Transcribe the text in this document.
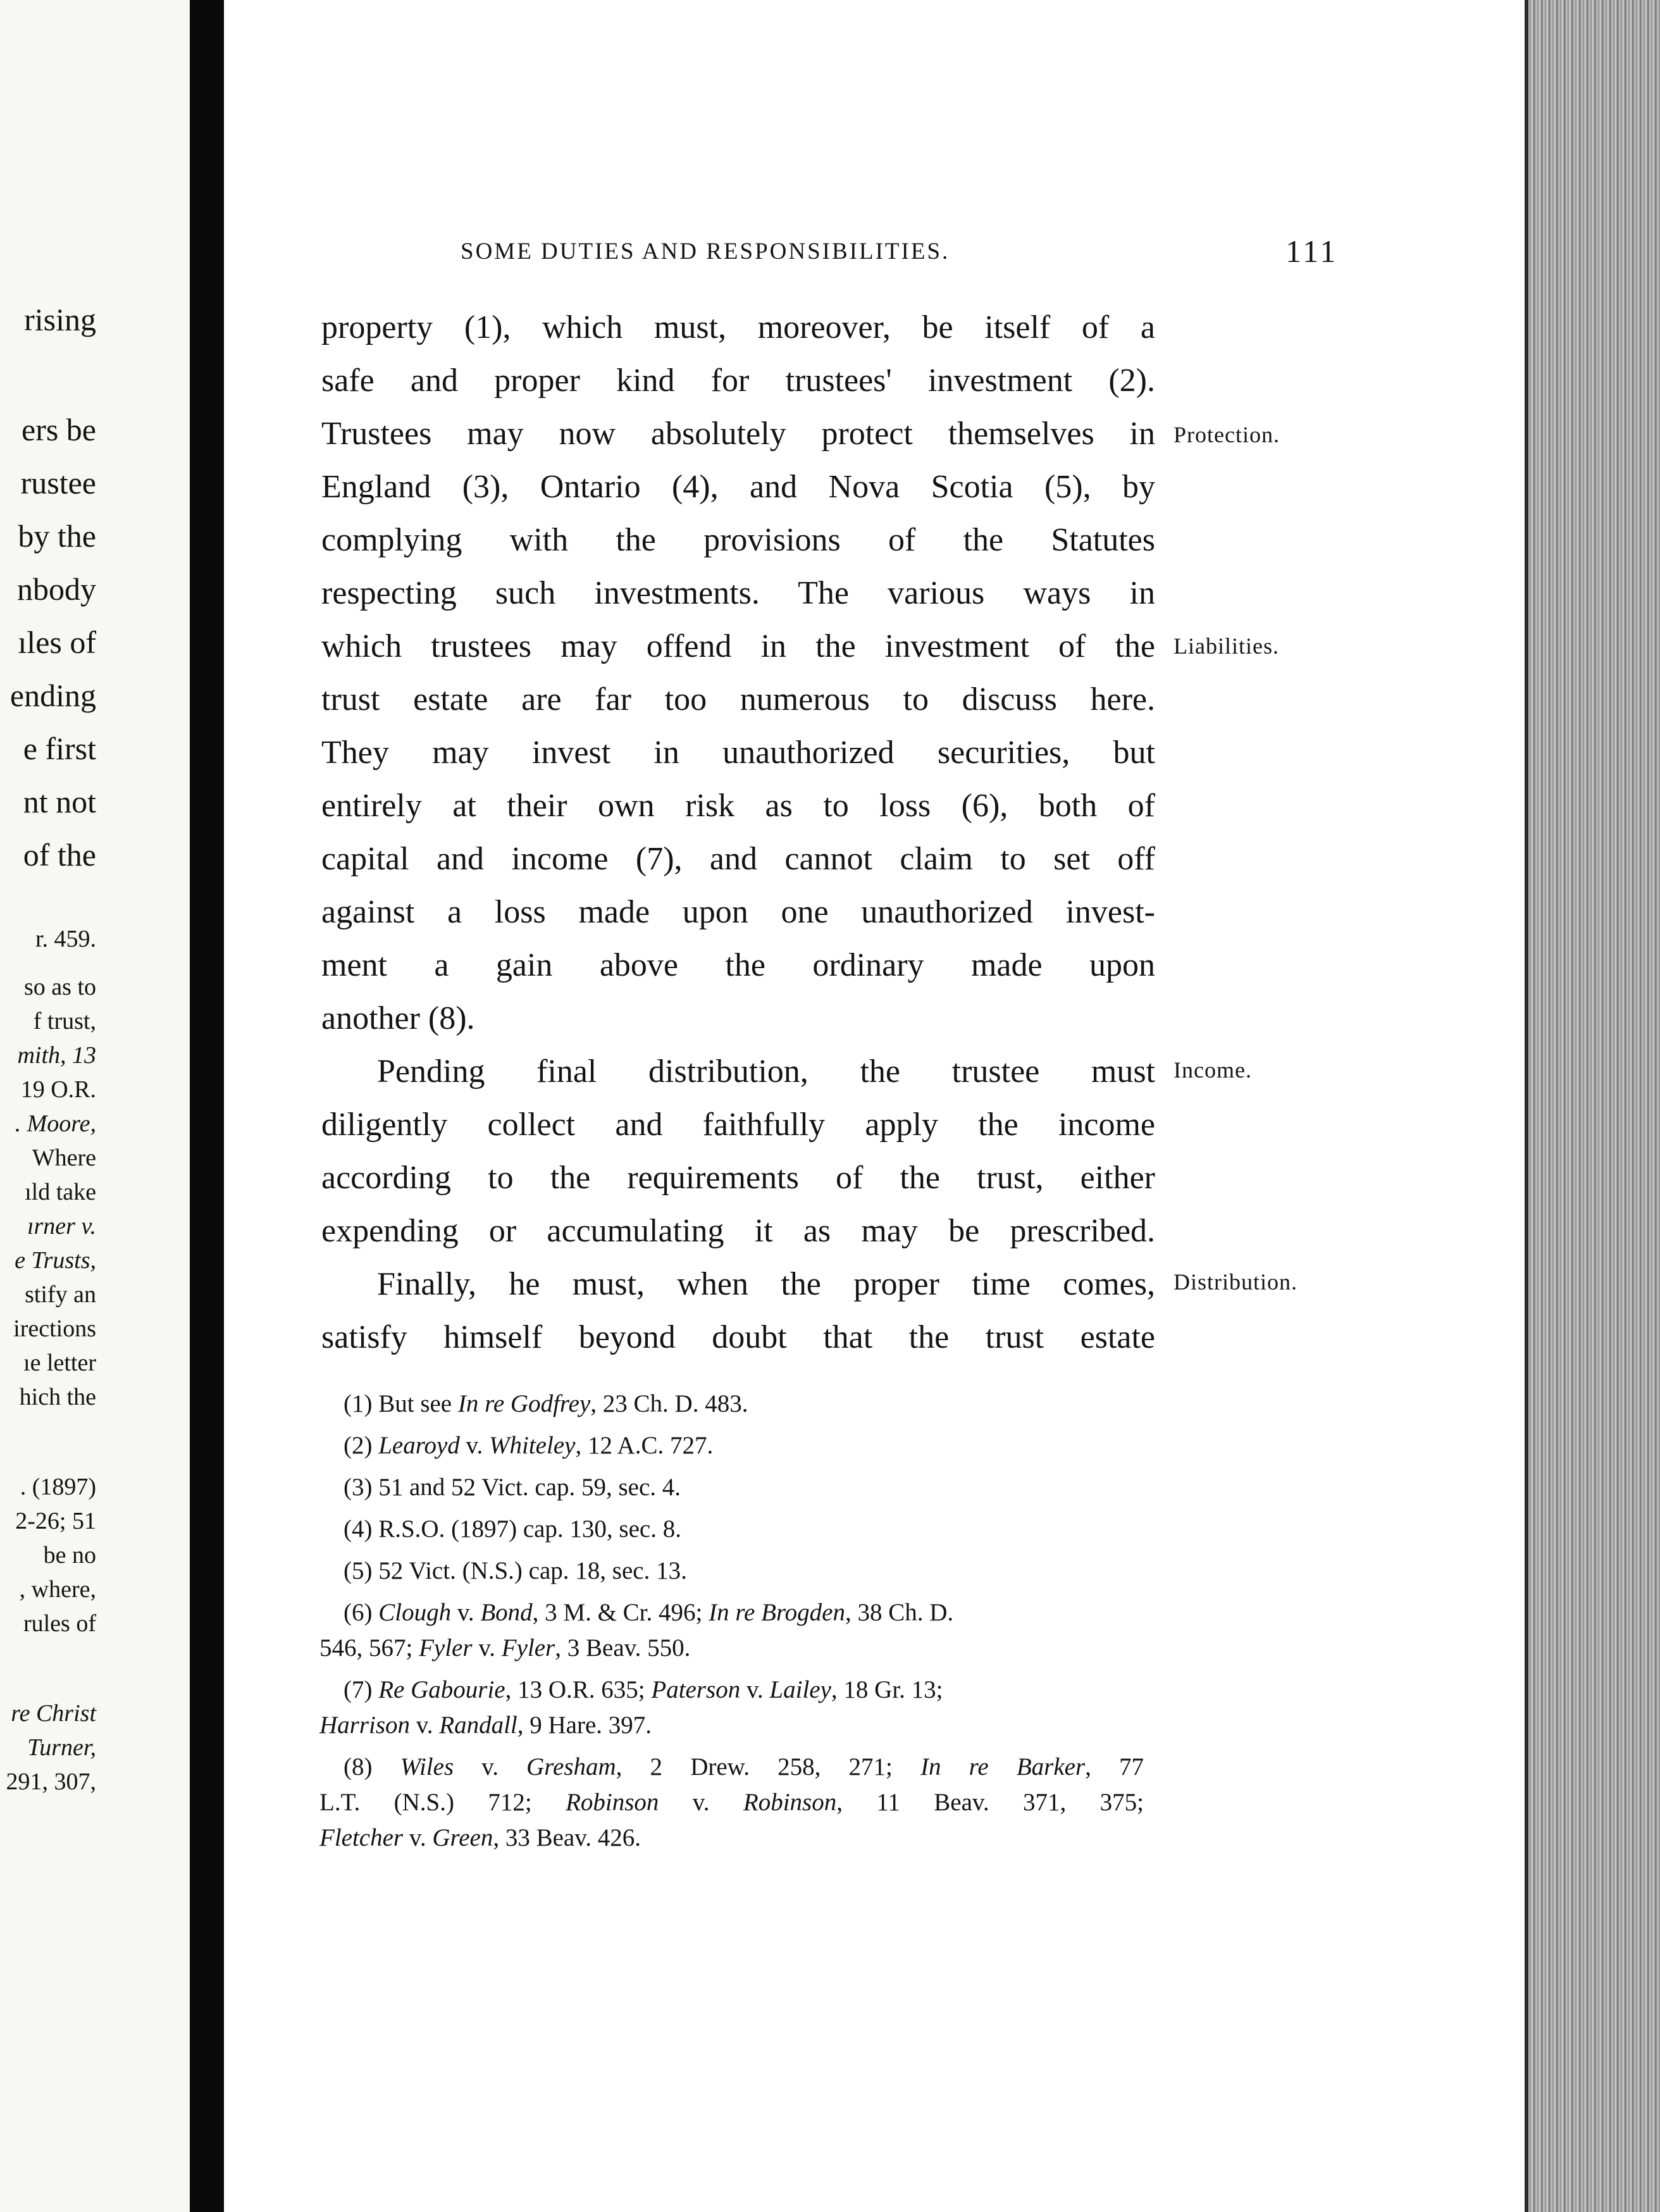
rising
ers be
rustee
by the
nbody
ıles of
ending
e first
nt not
of the
r. 459.
so as to
f trust,
mith, 13
19 O.R.
. Moore,
Where
ıld take
ırner v.
e Trusts,
stify an
irections
ıe letter
hich the
. (1897)
2-26; 51
be no
, where,
rules of
re Christ
Turner,
291, 307,
SOME DUTIES AND RESPONSIBILITIES.	111
property (1), which must, moreover, be itself of a
safe and proper kind for trustees' investment (2).
Trustees may now absolutely protect themselves in
England (3), Ontario (4), and Nova Scotia (5), by
complying with the provisions of the Statutes
respecting such investments. The various ways in
which trustees may offend in the investment of the
trust estate are far too numerous to discuss here.
They may invest in unauthorized securities, but
entirely at their own risk as to loss (6), both of
capital and income (7), and cannot claim to set off
against a loss made upon one unauthorized invest-
ment a gain above the ordinary made upon
another (8).
Pending final distribution, the trustee must
diligently collect and faithfully apply the income
according to the requirements of the trust, either
expending or accumulating it as may be prescribed.
Finally, he must, when the proper time comes,
satisfy himself beyond doubt that the trust estate
Protection.
Liabilities.
Income.
Distribution.
(1) But see In re Godfrey, 23 Ch. D. 483.
(2) Learoyd v. Whiteley, 12 A.C. 727.
(3) 51 and 52 Vict. cap. 59, sec. 4.
(4) R.S.O. (1897) cap. 130, sec. 8.
(5) 52 Vict. (N.S.) cap. 18, sec. 13.
(6) Clough v. Bond, 3 M. & Cr. 496; In re Brogden, 38 Ch. D.
546, 567; Fyler v. Fyler, 3 Beav. 550.
(7) Re Gabourie, 13 O.R. 635; Paterson v. Lailey, 18 Gr. 13;
Harrison v. Randall, 9 Hare. 397.
(8) Wiles v. Gresham, 2 Drew. 258, 271; In re Barker, 77
L.T. (N.S.) 712; Robinson v. Robinson, 11 Beav. 371, 375;
Fletcher v. Green, 33 Beav. 426.
